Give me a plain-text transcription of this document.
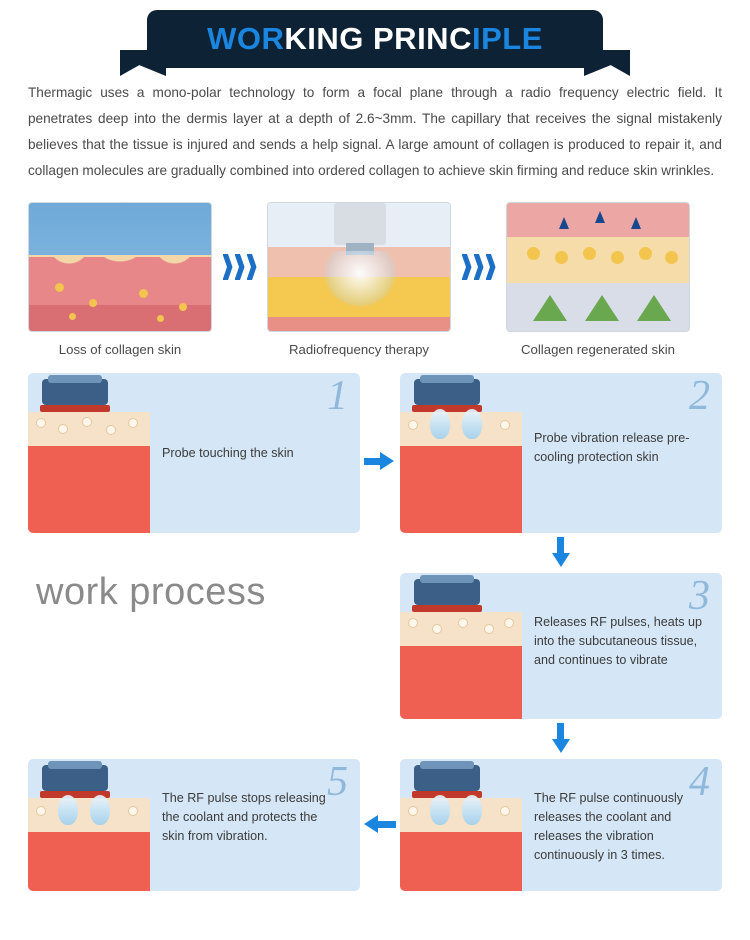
WORKING PRINCIPLE

Thermagic uses a mono-polar technology to form a focal plane through a radio frequency electric field. It penetrates deep into the dermis layer at a depth of 2.6~3mm. The capillary that receives the signal mistakenly believes that the tissue is injured and sends a help signal. A large amount of collagen is produced to repair it, and collagen molecules are gradually combined into ordered collagen to achieve skin firming and reduce skin wrinkles.

Loss of collagen skin	Radiofrequency therapy	Collagen regenerated skin
work process
1
Probe touching the skin
2
Probe vibration release pre-cooling protection skin
3
Releases RF pulses, heats up into the subcutaneous tissue, and continues to vibrate
4
The RF pulse continuously releases the coolant and releases the vibration continuously in 3 times.
5
The RF pulse stops releasing the coolant and protects the skin from vibration.
